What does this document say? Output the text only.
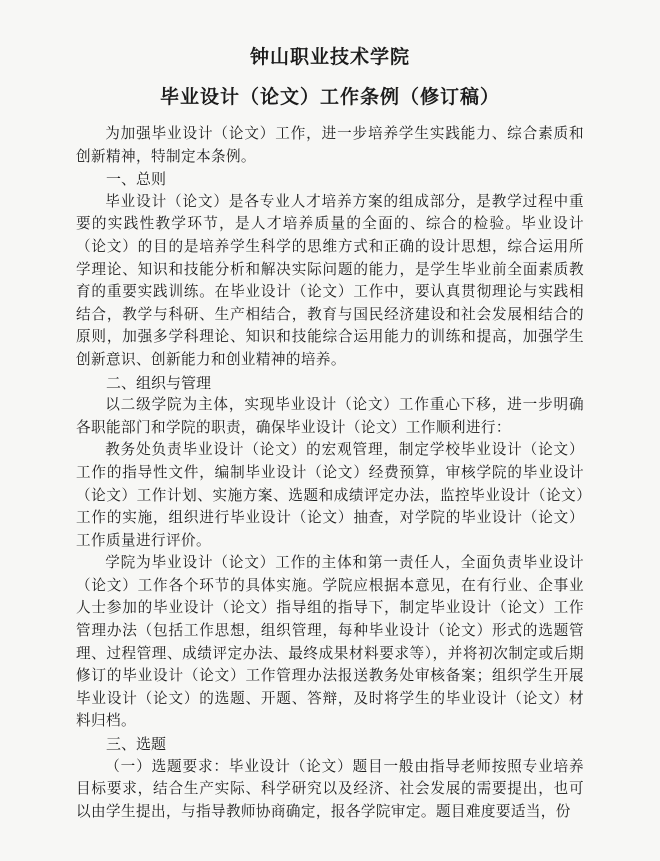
钟山职业技术学院
毕业设计（论文）工作条例（修订稿）

为加强毕业设计（论文）工作，进一步培养学生实践能力、综合素质和创新精神，特制定本条例。

一、总则

毕业设计（论文）是各专业人才培养方案的组成部分，是教学过程中重要的实践性教学环节，是人才培养质量的全面的、综合的检验。毕业设计（论文）的目的是培养学生科学的思维方式和正确的设计思想，综合运用所学理论、知识和技能分析和解决实际问题的能力，是学生毕业前全面素质教育的重要实践训练。在毕业设计（论文）工作中，要认真贯彻理论与实践相结合，教学与科研、生产相结合，教育与国民经济建设和社会发展相结合的原则，加强多学科理论、知识和技能综合运用能力的训练和提高，加强学生创新意识、创新能力和创业精神的培养。

二、组织与管理

以二级学院为主体，实现毕业设计（论文）工作重心下移，进一步明确各职能部门和学院的职责，确保毕业设计（论文）工作顺利进行：

教务处负责毕业设计（论文）的宏观管理，制定学校毕业设计（论文）工作的指导性文件，编制毕业设计（论文）经费预算，审核学院的毕业设计（论文）工作计划、实施方案、选题和成绩评定办法，监控毕业设计（论文）工作的实施，组织进行毕业设计（论文）抽查，对学院的毕业设计（论文）工作质量进行评价。

学院为毕业设计（论文）工作的主体和第一责任人，全面负责毕业设计（论文）工作各个环节的具体实施。学院应根据本意见，在有行业、企事业人士参加的毕业设计（论文）指导组的指导下，制定毕业设计（论文）工作管理办法（包括工作思想，组织管理，每种毕业设计（论文）形式的选题管理、过程管理、成绩评定办法、最终成果材料要求等），并将初次制定或后期修订的毕业设计（论文）工作管理办法报送教务处审核备案；组织学生开展毕业设计（论文）的选题、开题、答辩，及时将学生的毕业设计（论文）材料归档。

三、选题

（一）选题要求：毕业设计（论文）题目一般由指导老师按照专业培养目标要求，结合生产实际、科学研究以及经济、社会发展的需要提出，也可以由学生提出，与指导教师协商确定，报各学院审定。题目难度要适当，份
